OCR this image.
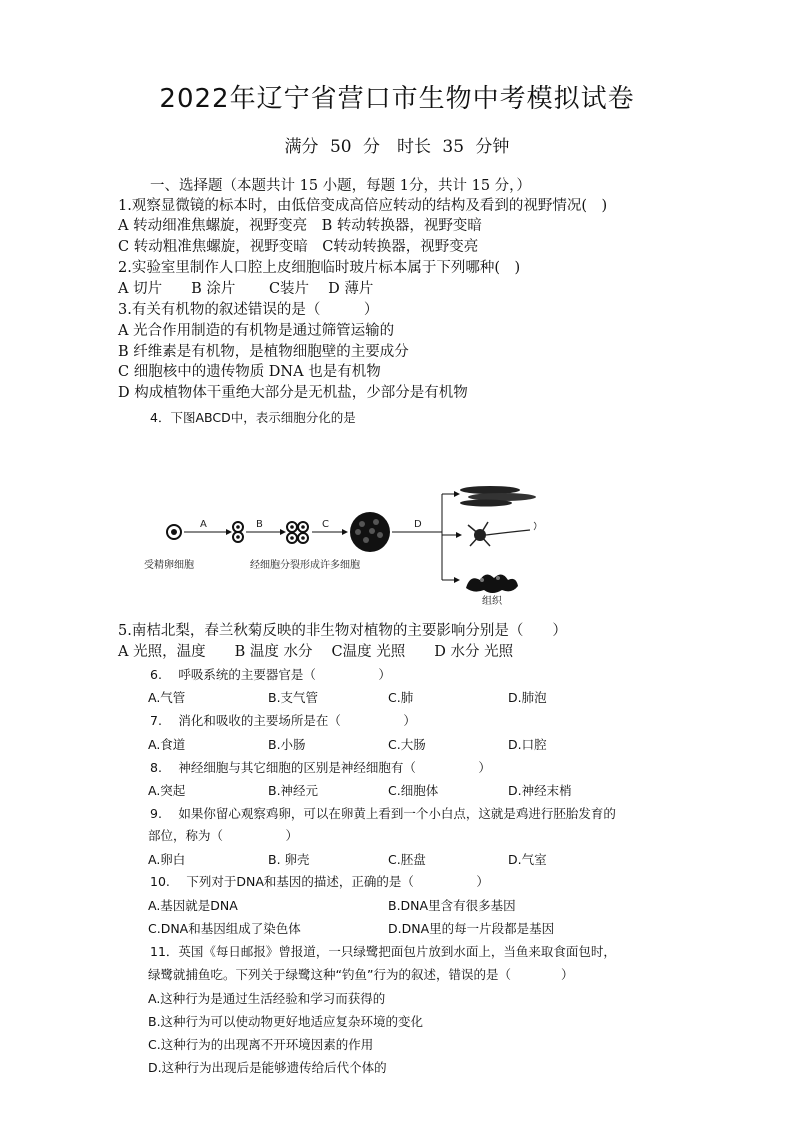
2022年辽宁省营口市生物中考模拟试卷
满分 50 分　时长 35 分钟
一、选择题（本题共计 15 小题，每题 1分，共计 15 分，）
1.观察显微镜的标本时，由低倍变成高倍应转动的结构及看到的视野情况(　)
A 转动细准焦螺旋，视野变亮　B 转动转换器，视野变暗
C 转动粗准焦螺旋，视野变暗　C转动转换器，视野变亮
2.实验室里制作人口腔上皮细胞临时玻片标本属于下列哪种(　)
A 切片　　B 涂片　　 C装片　 D 薄片
3.有关有机物的叙述错误的是（　　　）
A 光合作用制造的有机物是通过筛管运输的
B 纤维素是有机物，是植物细胞壁的主要成分
C 细胞核中的遗传物质 DNA 也是有机物
D 构成植物体干重绝大部分是无机盐，少部分是有机物
4．下图ABCD中，表示细胞分化的是
A	B	C	D
受精卵细胞	经细胞分裂形成许多细胞
组织
5.南桔北梨，春兰秋菊反映的非生物对植物的主要影响分别是（　　）
A 光照，温度　　B 温度 水分　 C温度 光照　　D 水分 光照
6.　 呼吸系统的主要器官是（　　　　　）
A.气管	B.支气管	C.肺	D.肺泡
7.　 消化和吸收的主要场所是在（　　　　　）
A.食道	B.小肠	C.大肠	D.口腔
8.　 神经细胞与其它细胞的区别是神经细胞有（　　　　　）
A.突起	B.神经元	C.细胞体	D.神经末梢
9.　 如果你留心观察鸡卵，可以在卵黄上看到一个小白点，这就是鸡进行胚胎发育的
部位，称为（　　　　　）
A.卵白	B. 卵壳	C.胚盘	D.气室
10.　 下列对于DNA和基因的描述，正确的是（　　　　　）
A.基因就是DNA	B.DNA里含有很多基因
C.DNA和基因组成了染色体	D.DNA里的每一片段都是基因
11．英国《每日邮报》曾报道，一只绿鹭把面包片放到水面上，当鱼来取食面包时，
绿鹭就捕鱼吃。下列关于绿鹭这种“钓鱼”行为的叙述，错误的是（　　　　）
A.这种行为是通过生活经验和学习而获得的
B.这种行为可以使动物更好地适应复杂环境的变化
C.这种行为的出现离不开环境因素的作用
D.这种行为出现后是能够遗传给后代个体的
